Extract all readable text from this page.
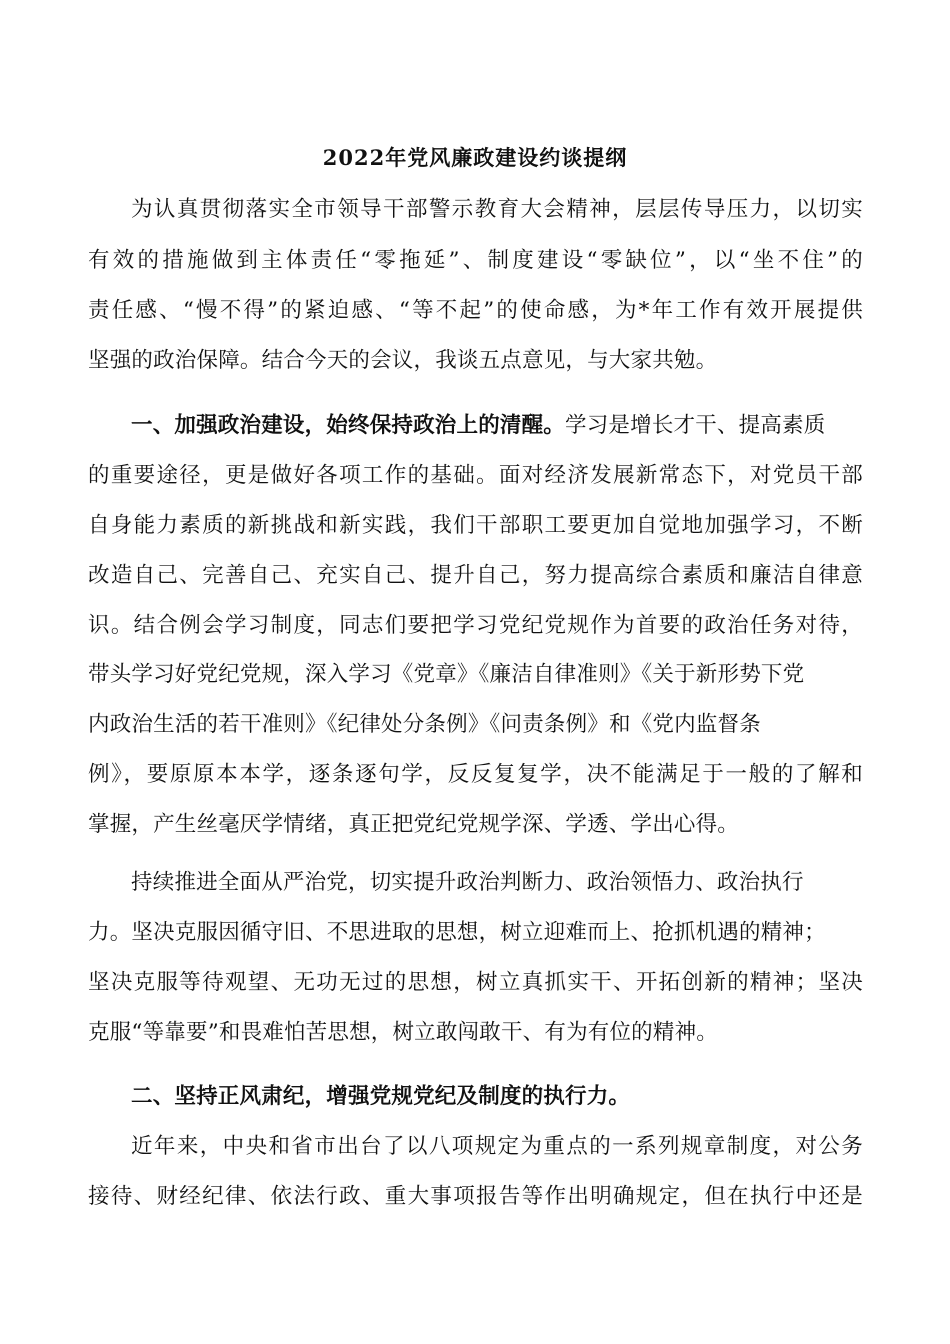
2022年党风廉政建设约谈提纲
为认真贯彻落实全市领导干部警示教育大会精神，层层传导压力，以切实
有效的措施做到主体责任“零拖延”、制度建设“零缺位”，以“坐不住”的
责任感、“慢不得”的紧迫感、“等不起”的使命感，为*年工作有效开展提供
坚强的政治保障。结合今天的会议，我谈五点意见，与大家共勉。
一、加强政治建设，始终保持政治上的清醒。学习是增长才干、提高素质
的重要途径，更是做好各项工作的基础。面对经济发展新常态下，对党员干部
自身能力素质的新挑战和新实践，我们干部职工要更加自觉地加强学习，不断
改造自己、完善自己、充实自己、提升自己，努力提高综合素质和廉洁自律意
识。结合例会学习制度，同志们要把学习党纪党规作为首要的政治任务对待，
带头学习好党纪党规，深入学习《党章》《廉洁自律准则》《关于新形势下党
内政治生活的若干准则》《纪律处分条例》《问责条例》和《党内监督条
例》，要原原本本学，逐条逐句学，反反复复学，决不能满足于一般的了解和
掌握，产生丝毫厌学情绪，真正把党纪党规学深、学透、学出心得。
持续推进全面从严治党，切实提升政治判断力、政治领悟力、政治执行
力。坚决克服因循守旧、不思进取的思想，树立迎难而上、抢抓机遇的精神；
坚决克服等待观望、无功无过的思想，树立真抓实干、开拓创新的精神；坚决
克服“等靠要”和畏难怕苦思想，树立敢闯敢干、有为有位的精神。
二、坚持正风肃纪，增强党规党纪及制度的执行力。
近年来，中央和省市出台了以八项规定为重点的一系列规章制度，对公务
接待、财经纪律、依法行政、重大事项报告等作出明确规定，但在执行中还是
